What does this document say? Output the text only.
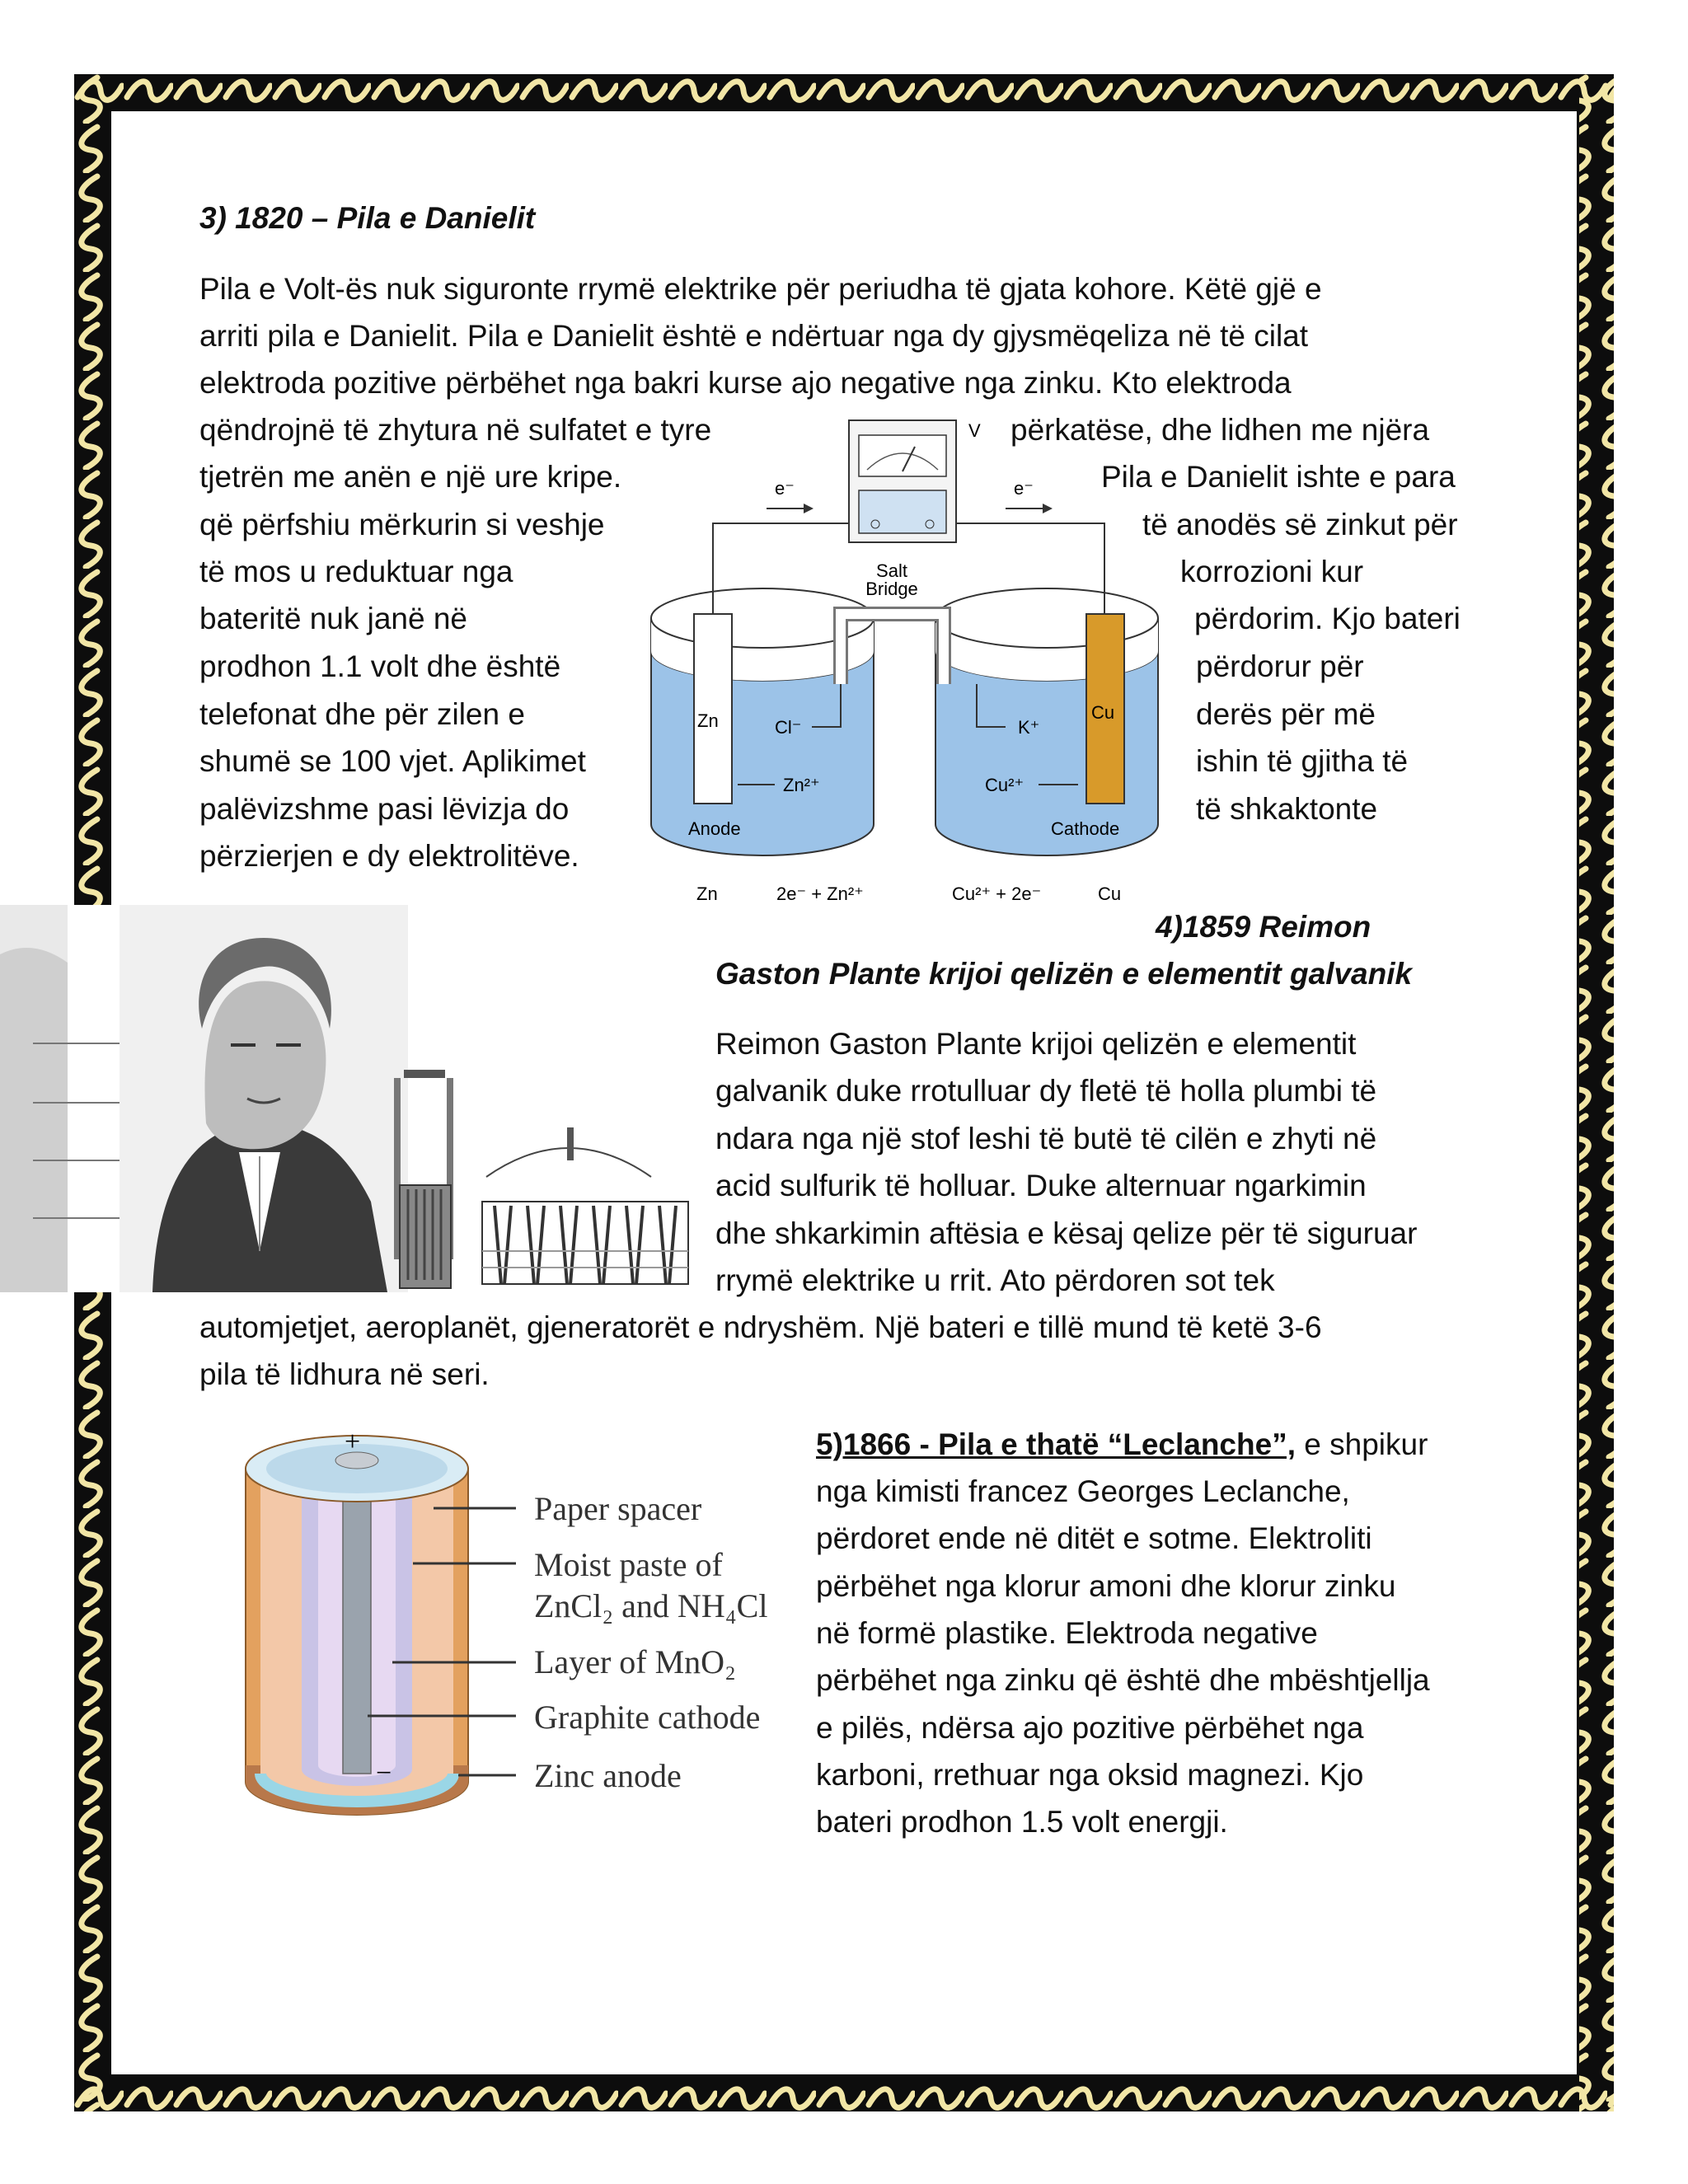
3) 1820 – Pila e Danielit
Pila e Volt-ës nuk siguronte rrymë elektrike për periudha të gjata kohore. Këtë gjë e
arriti pila e Danielit. Pila e Danielit është e ndërtuar nga dy gjysmëqeliza në të cilat
elektroda pozitive përbëhet nga bakri kurse ajo negative nga zinku. Kto elektroda
qëndrojnë të zhytura në sulfatet e tyre
tjetrën me anën e një ure kripe.
që përfshiu mërkurin si veshje
të mos u reduktuar nga
bateritë nuk janë në
prodhon 1.1 volt dhe është
telefonat dhe për zilen e
shumë se 100 vjet. Aplikimet
palëvizshme pasi lëvizja do
përzierjen e dy elektrolitëve.
përkatëse, dhe lidhen me njëra
Pila e Danielit ishte e para
të anodës së zinkut për
korrozioni kur
përdorim. Kjo bateri
përdorur për
derës për më
ishin të gjitha të
të shkaktonte
V
e⁻	e⁻
Salt
Bridge
Zn	Cu
Cl⁻	K⁺
Zn²⁺	Cu²⁺
Anode	Cathode
Zn	2e⁻ + Zn²⁺	Cu²⁺ + 2e⁻	Cu
4)1859 Reimon
Gaston Plante krijoi qelizën e elementit galvanik
Reimon Gaston Plante krijoi qelizën e elementit
galvanik duke rrotulluar dy fletë të holla plumbi të
ndara nga një stof leshi të butë të cilën e zhyti në
acid sulfurik të holluar. Duke alternuar ngarkimin
dhe shkarkimin aftësia e kësaj qelize për të siguruar
rrymë elektrike u rrit. Ato përdoren sot tek
automjetjet, aeroplanët, gjeneratorët e ndryshëm. Një bateri e tillë mund të ketë 3-6
pila të lidhura në seri.
+
−
Paper spacer
Moist paste of
ZnCl₂ and NH₄Cl
Layer of MnO₂
Graphite cathode
Zinc anode
5)1866 - Pila e thatë “Leclanche”, e shpikur
nga kimisti francez Georges Leclanche,
përdoret ende në ditët e sotme. Elektroliti
përbëhet nga klorur amoni dhe klorur zinku
në formë plastike. Elektroda negative
përbëhet nga zinku që është dhe mbështjellja
e pilës, ndërsa ajo pozitive përbëhet nga
karboni, rrethuar nga oksid magnezi. Kjo
bateri prodhon 1.5 volt energji.
